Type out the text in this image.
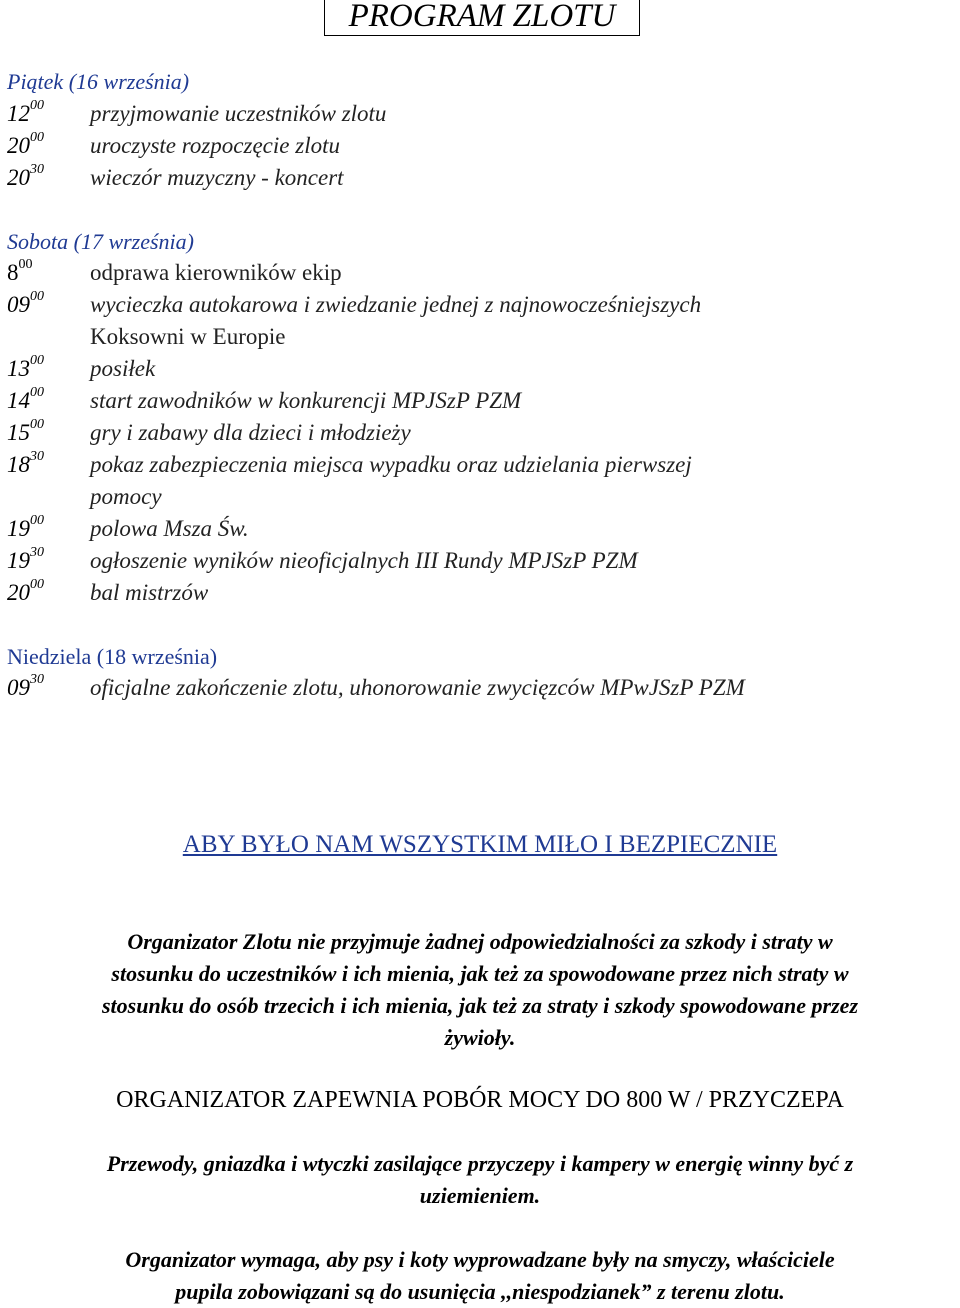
PROGRAM ZLOTU
Piątek (16 września)
$12^{00}$ przyjmowanie uczestników zlotu
$20^{00}$ uroczyste rozpoczęcie zlotu
$20^{30}$ wieczór muzyczny - koncert
Sobota (17 września)
$8^{00}$	odprawa kierowników ekip
$09^{00}$ wycieczka autokarowa i zwiedzanie jednej z najnowocześniejszych
Koksowni w Europie
$13^{00}$ posiłek
$14^{00}$ start zawodników w konkurencji MPJSzP PZM
$15^{00}$ gry i zabawy dla dzieci i młodzieży
$18^{30}$ pokaz zabezpieczenia miejsca wypadku oraz udzielania pierwszej
pomocy
$19^{00}$ polowa Msza Św.
$19^{30}$ ogłoszenie wyników nieoficjalnych III Rundy MPJSzP PZM
$20^{00}$ bal mistrzów
Niedziela (18 września)
$09^{30}$ oficjalne zakończenie zlotu, uhonorowanie zwycięzców MPwJSzP PZM
ABY BYŁO NAM WSZYSTKIM MIŁO I BEZPIECZNIE
Organizator Zlotu nie przyjmuje żadnej odpowiedzialności za szkody i straty w
stosunku do uczestników i ich mienia, jak też za spowodowane przez nich straty w
stosunku do osób trzecich i ich mienia, jak też za straty i szkody spowodowane przez
żywioły.
ORGANIZATOR ZAPEWNIA POBÓR MOCY DO 800 W / PRZYCZEPA
Przewody, gniazdka i wtyczki zasilające przyczepy i kampery w energię winny być z
uziemieniem.
Organizator wymaga, aby psy i koty wyprowadzane były na smyczy, właściciele
pupila zobowiązani są do usunięcia ,,niespodzianek” z terenu zlotu.
